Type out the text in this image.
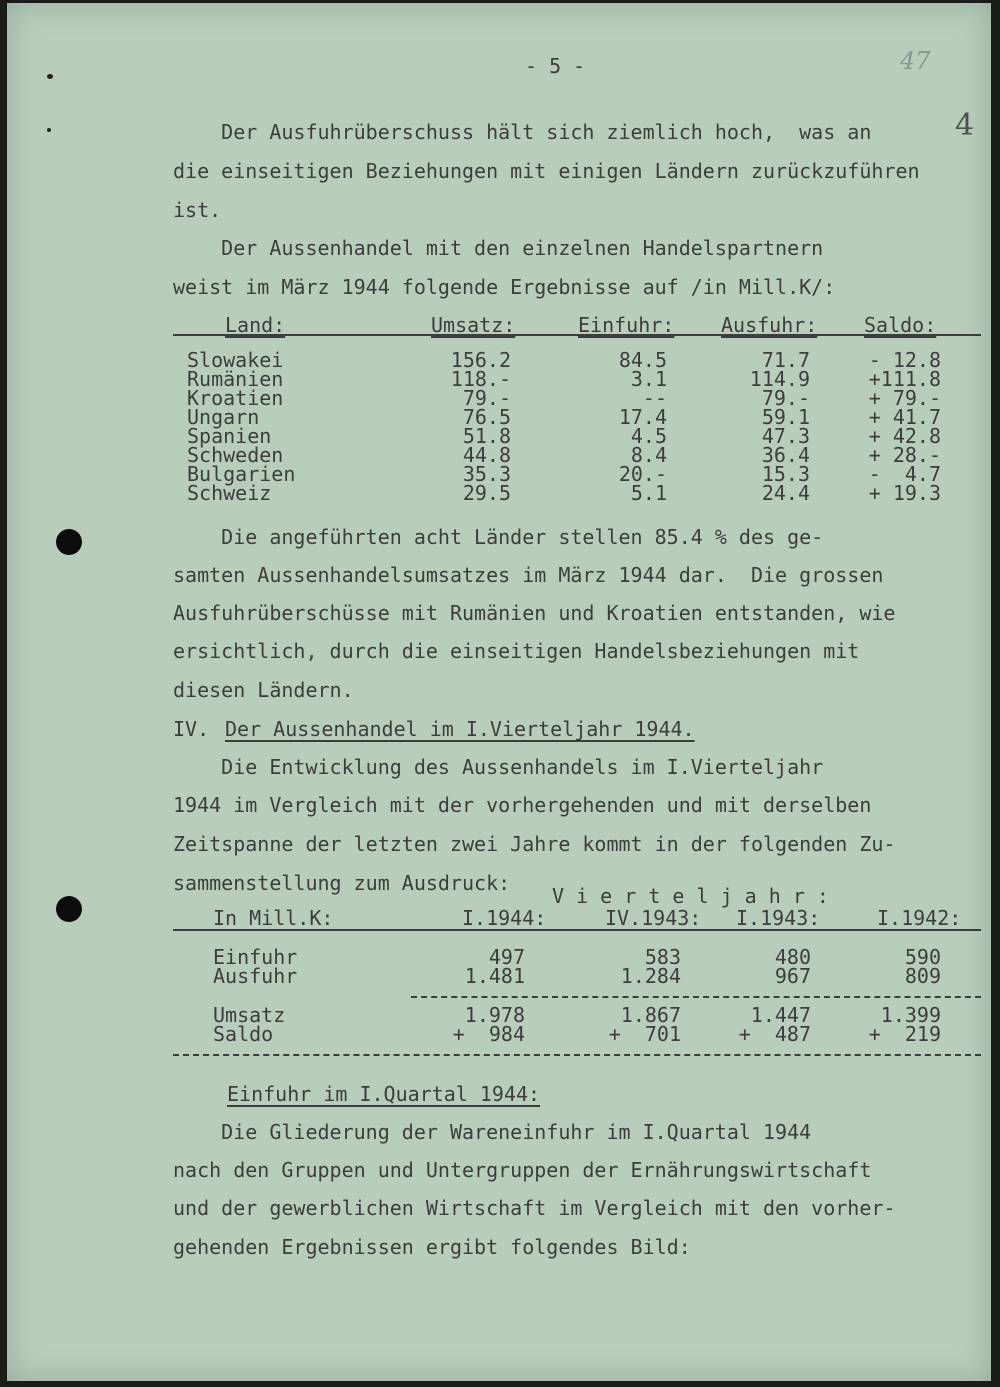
- 5 -	47
4
Der Ausfuhrüberschuss hält sich ziemlich hoch,  was an
die einseitigen Beziehungen mit einigen Ländern zurückzuführen
ist.
Der Aussenhandel mit den einzelnen Handelspartnern
weist im März 1944 folgende Ergebnisse auf /in Mill.K/:
Land:	Umsatz:	Einfuhr: Ausfuhr: Saldo:
Slowakei	156.2	84.5	71.7	- 12.8
Rumänien	118.-	3.1	114.9	+111.8
Kroatien	79.-	--	79.-	+ 79.-
Ungarn	76.5	17.4	59.1	+ 41.7
Spanien	51.8	4.5	47.3	+ 42.8
Schweden	44.8	8.4	36.4	+ 28.-
Bulgarien	35.3	20.-	15.3	-  4.7
Schweiz	29.5	5.1	24.4	+ 19.3
Die angeführten acht Länder stellen 85.4 % des ge-
samten Aussenhandelsumsatzes im März 1944 dar.  Die grossen
Ausfuhrüberschüsse mit Rumänien und Kroatien entstanden, wie
ersichtlich, durch die einseitigen Handelsbeziehungen mit
diesen Ländern.
IV. Der Aussenhandel im I.Vierteljahr 1944.
Die Entwicklung des Aussenhandels im I.Vierteljahr
1944 im Vergleich mit der vorhergehenden und mit derselben
Zeitspanne der letzten zwei Jahre kommt in der folgenden Zu-
sammenstellung zum Ausdruck:
V i e r t e l j a h r :
In Mill.K:	I.1944:	IV.1943: I.1943:	I.1942:
Einfuhr	497	583	480	590
Ausfuhr	1.481	1.284	967	809
Umsatz	1.978	1.867	1.447	1.399
Saldo	+  984	+  701	+  487	+  219
Einfuhr im I.Quartal 1944:
Die Gliederung der Wareneinfuhr im I.Quartal 1944
nach den Gruppen und Untergruppen der Ernährungswirtschaft
und der gewerblichen Wirtschaft im Vergleich mit den vorher-
gehenden Ergebnissen ergibt folgendes Bild:
